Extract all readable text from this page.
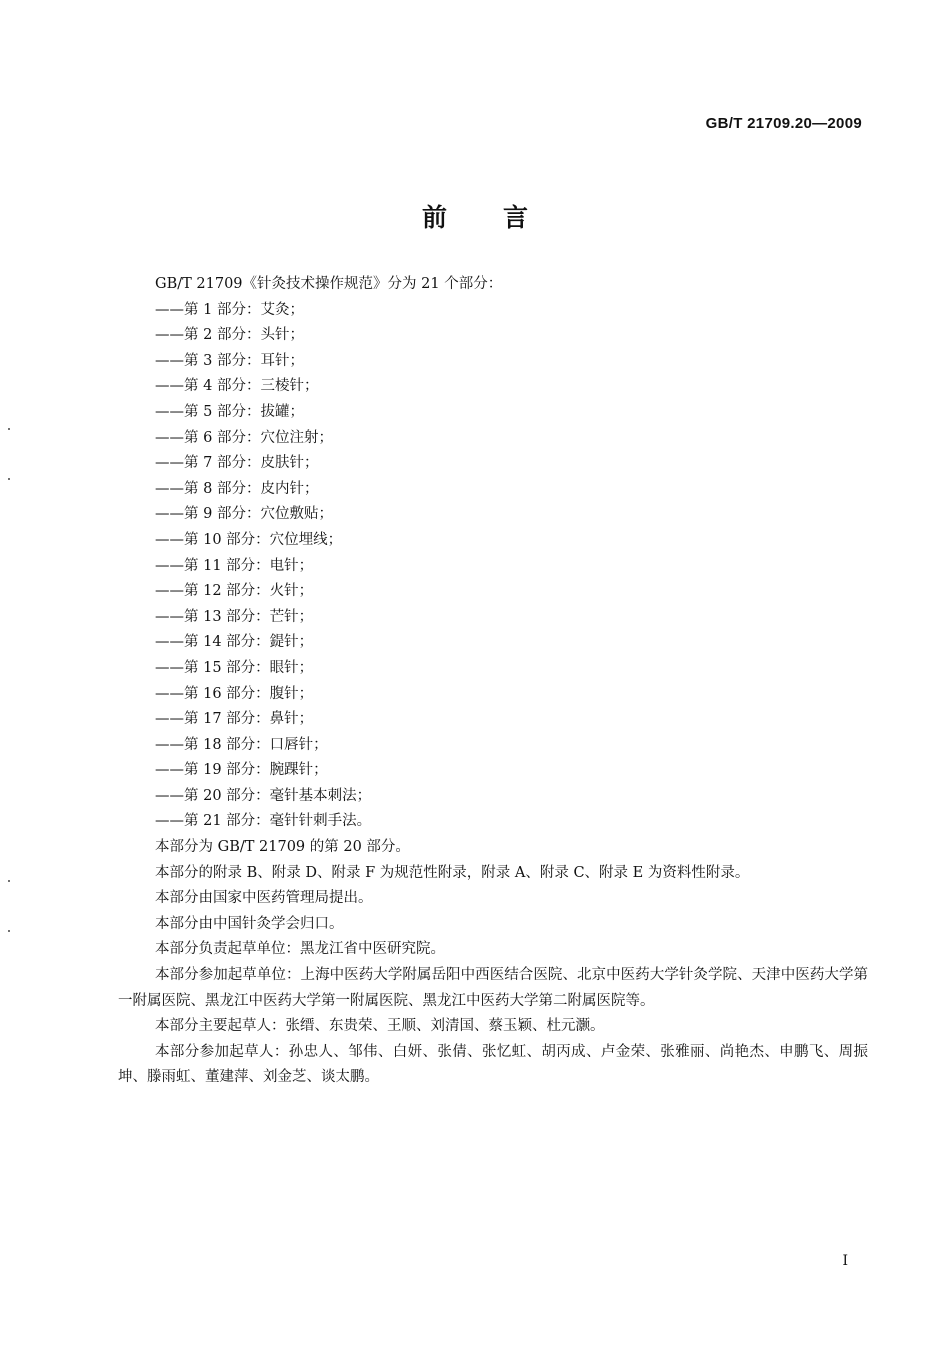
GB/T 21709.20—2009
前 言
GB/T 21709《针灸技术操作规范》分为 21 个部分：
——第 1 部分：艾灸；
——第 2 部分：头针；
——第 3 部分：耳针；
——第 4 部分：三棱针；
——第 5 部分：拔罐；
——第 6 部分：穴位注射；
——第 7 部分：皮肤针；
——第 8 部分：皮内针；
——第 9 部分：穴位敷贴；
——第 10 部分：穴位埋线；
——第 11 部分：电针；
——第 12 部分：火针；
——第 13 部分：芒针；
——第 14 部分：鍉针；
——第 15 部分：眼针；
——第 16 部分：腹针；
——第 17 部分：鼻针；
——第 18 部分：口唇针；
——第 19 部分：腕踝针；
——第 20 部分：毫针基本刺法；
——第 21 部分：毫针针刺手法。
本部分为 GB/T 21709 的第 20 部分。
本部分的附录 B、附录 D、附录 F 为规范性附录，附录 A、附录 C、附录 E 为资料性附录。
本部分由国家中医药管理局提出。
本部分由中国针灸学会归口。
本部分负责起草单位：黑龙江省中医研究院。
本部分参加起草单位：上海中医药大学附属岳阳中西医结合医院、北京中医药大学针灸学院、天津中医药大学第一附属医院、黑龙江中医药大学第一附属医院、黑龙江中医药大学第二附属医院等。
本部分主要起草人：张缙、东贵荣、王顺、刘清国、蔡玉颖、杜元灏。
本部分参加起草人：孙忠人、邹伟、白妍、张倩、张忆虹、胡丙成、卢金荣、张雅丽、尚艳杰、申鹏飞、周振坤、滕雨虹、董建萍、刘金芝、谈太鹏。
I
